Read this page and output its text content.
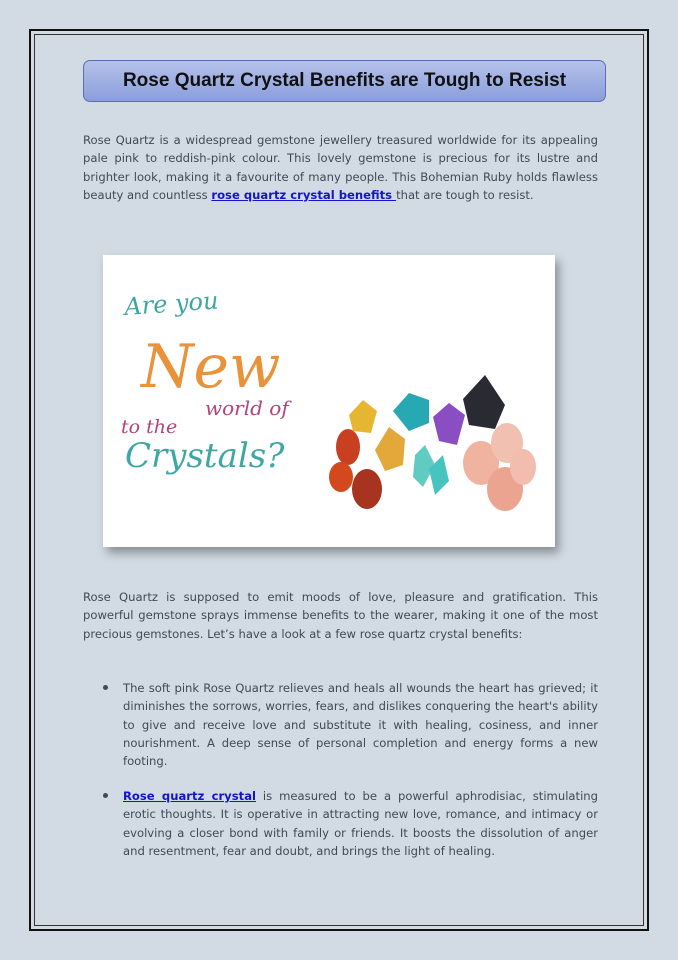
Rose Quartz Crystal Benefits are Tough to Resist

Rose Quartz is a widespread gemstone jewellery treasured worldwide for its appealing pale pink to reddish-pink colour. This lovely gemstone is precious for its lustre and brighter look, making it a favourite of many people. This Bohemian Ruby holds flawless beauty and countless rose quartz crystal benefits that are tough to resist.

Are you
New
to the
world of
Crystals?

Rose Quartz is supposed to emit moods of love, pleasure and gratification. This powerful gemstone sprays immense benefits to the wearer, making it one of the most precious gemstones. Let’s have a look at a few rose quartz crystal benefits:

The soft pink Rose Quartz relieves and heals all wounds the heart has grieved; it diminishes the sorrows, worries, fears, and dislikes conquering the heart's ability to give and receive love and substitute it with healing, cosiness, and inner nourishment. A deep sense of personal completion and energy forms a new footing.
Rose quartz crystal is measured to be a powerful aphrodisiac, stimulating erotic thoughts. It is operative in attracting new love, romance, and intimacy or evolving a closer bond with family or friends. It boosts the dissolution of anger and resentment, fear and doubt, and brings the light of healing.
